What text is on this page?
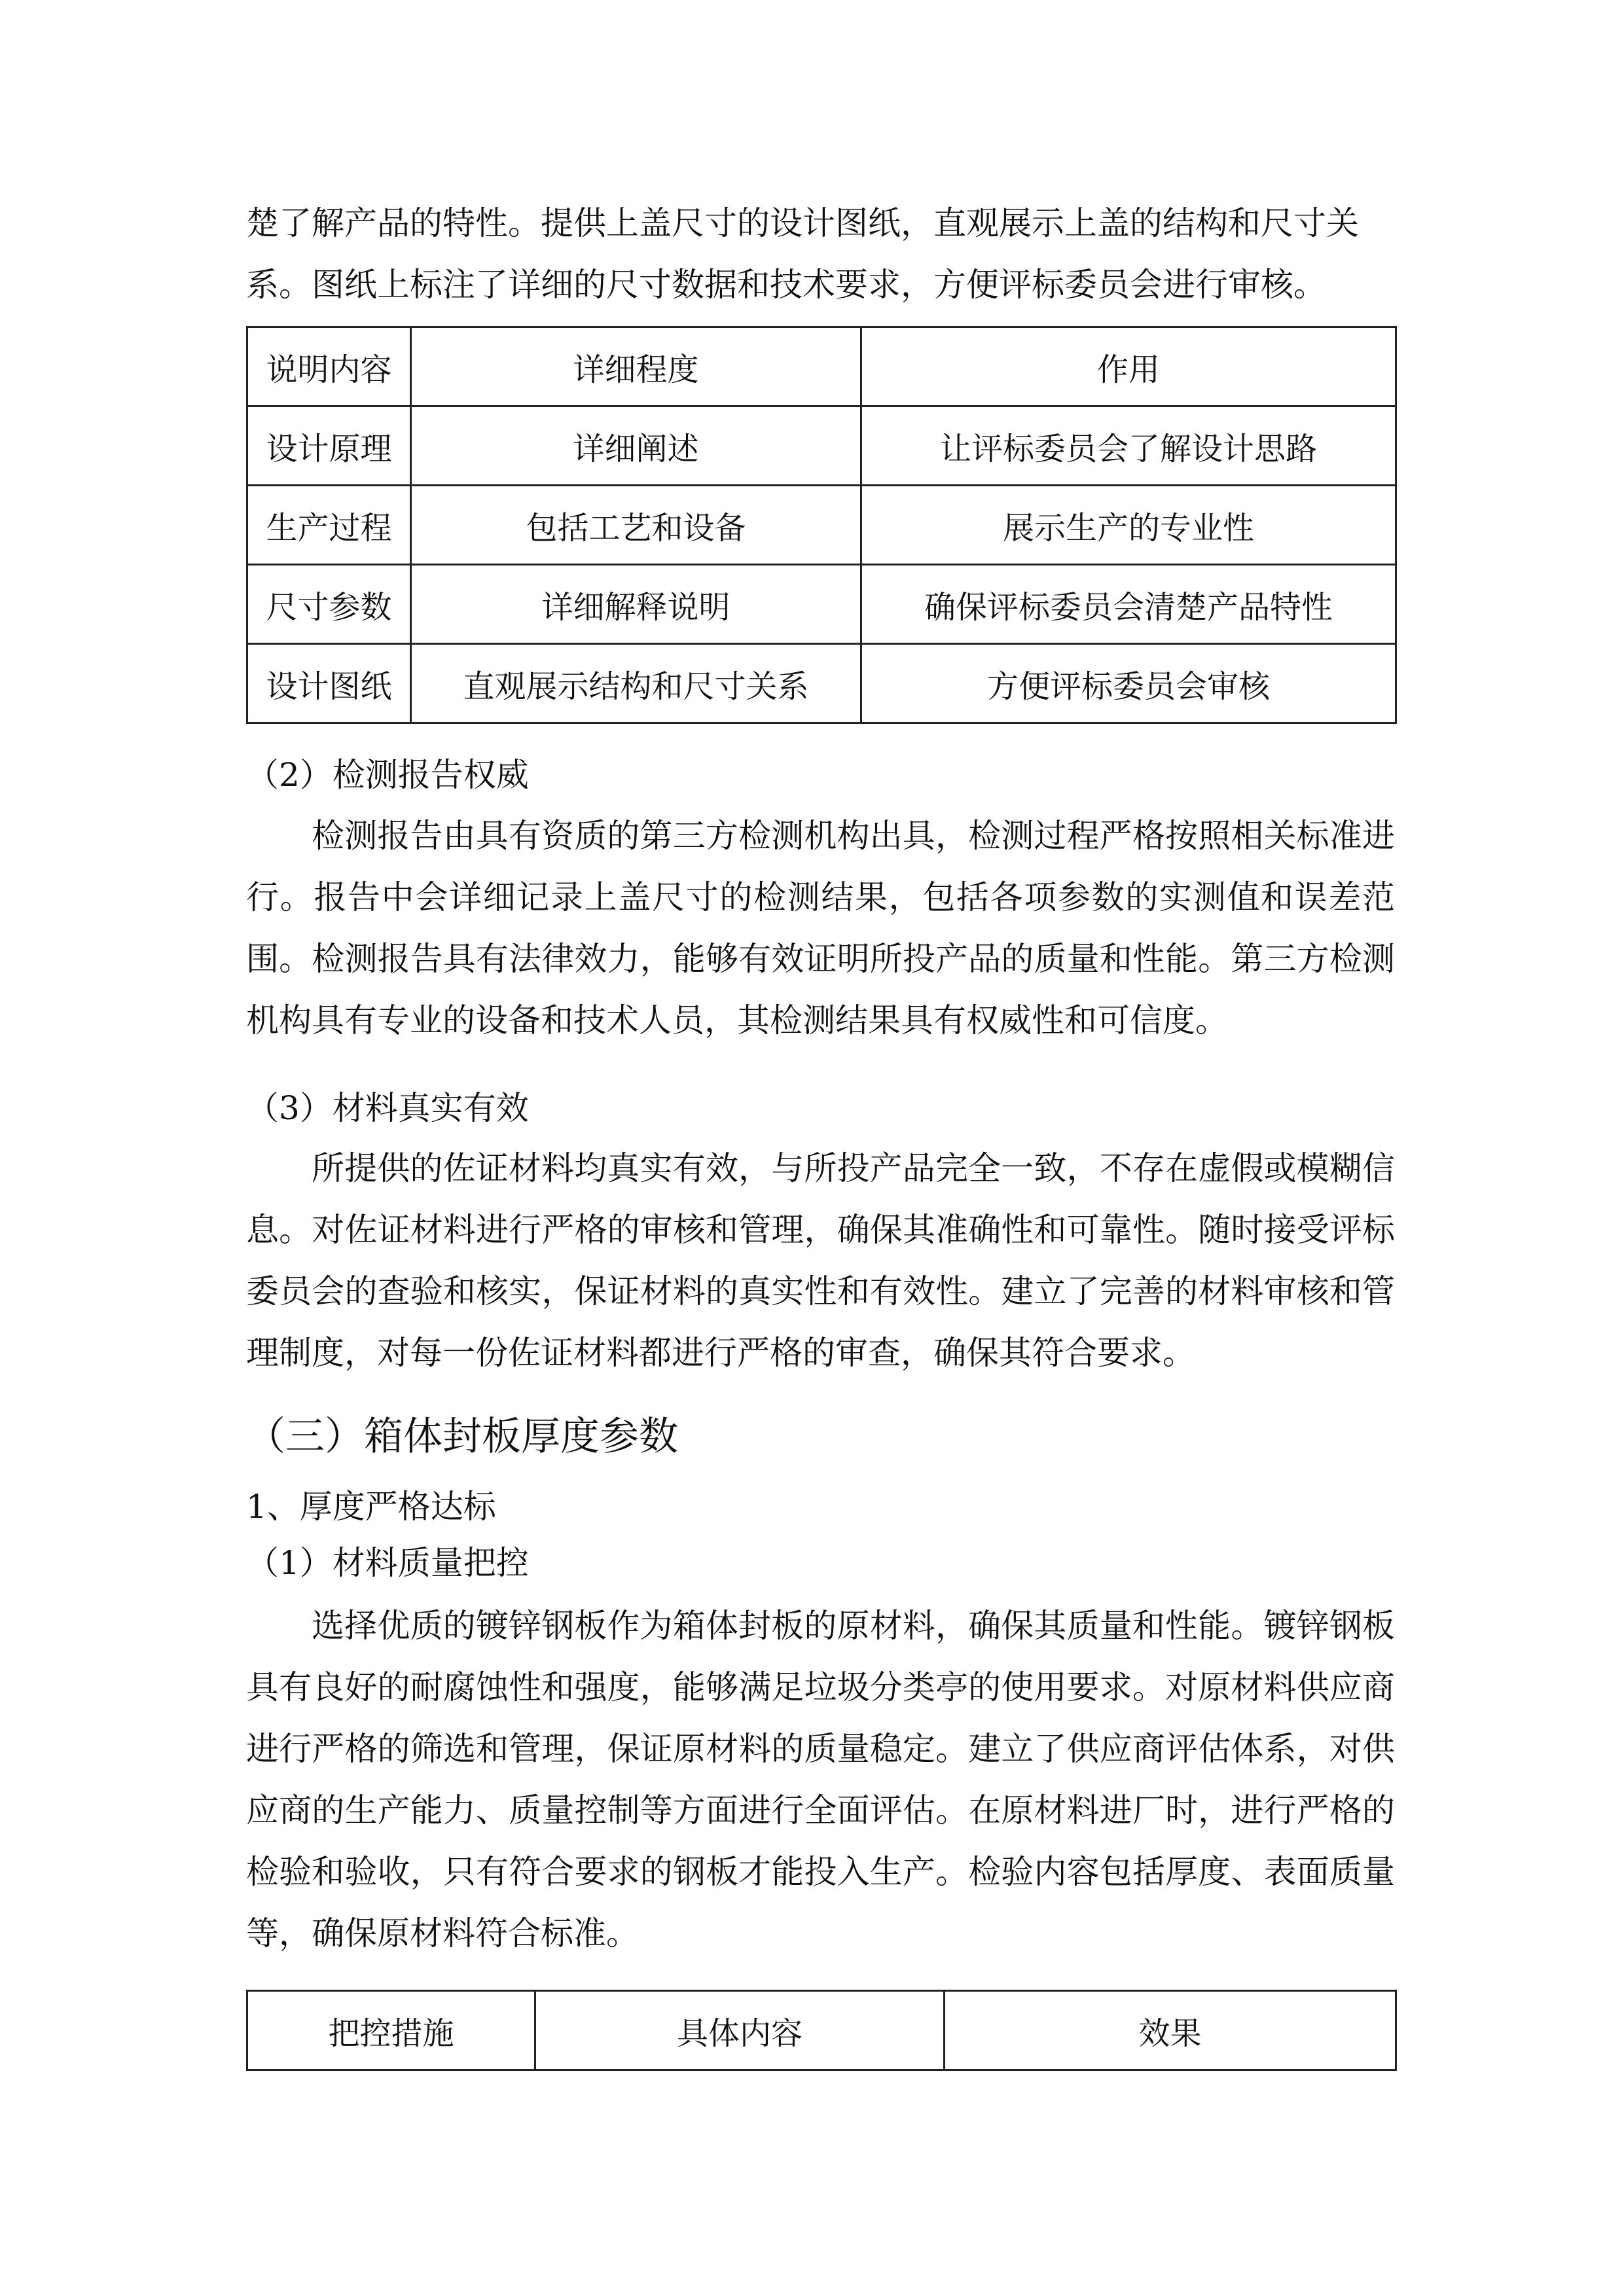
楚了解产品的特性。提供上盖尺寸的设计图纸，直观展示上盖的结构和尺寸关
系。图纸上标注了详细的尺寸数据和技术要求，方便评标委员会进行审核。

说明内容	详细程度	作用
设计原理	详细阐述	让评标委员会了解设计思路
生产过程	包括工艺和设备	展示生产的专业性
尺寸参数	详细解释说明	确保评标委员会清楚产品特性
设计图纸	直观展示结构和尺寸关系	方便评标委员会审核

（2）检测报告权威

检测报告由具有资质的第三方检测机构出具，检测过程严格按照相关标准进行。报告中会详细记录上盖尺寸的检测结果，包括各项参数的实测值和误差范围。检测报告具有法律效力，能够有效证明所投产品的质量和性能。第三方检测机构具有专业的设备和技术人员，其检测结果具有权威性和可信度。

（3）材料真实有效

所提供的佐证材料均真实有效，与所投产品完全一致，不存在虚假或模糊信息。对佐证材料进行严格的审核和管理，确保其准确性和可靠性。随时接受评标委员会的查验和核实，保证材料的真实性和有效性。建立了完善的材料审核和管理制度，对每一份佐证材料都进行严格的审查，确保其符合要求。

（三）箱体封板厚度参数

1、厚度严格达标

（1）材料质量把控

选择优质的镀锌钢板作为箱体封板的原材料，确保其质量和性能。镀锌钢板具有良好的耐腐蚀性和强度，能够满足垃圾分类亭的使用要求。对原材料供应商进行严格的筛选和管理，保证原材料的质量稳定。建立了供应商评估体系，对供应商的生产能力、质量控制等方面进行全面评估。在原材料进厂时，进行严格的检验和验收，只有符合要求的钢板才能投入生产。检验内容包括厚度、表面质量等，确保原材料符合标准。

把控措施	具体内容	效果
